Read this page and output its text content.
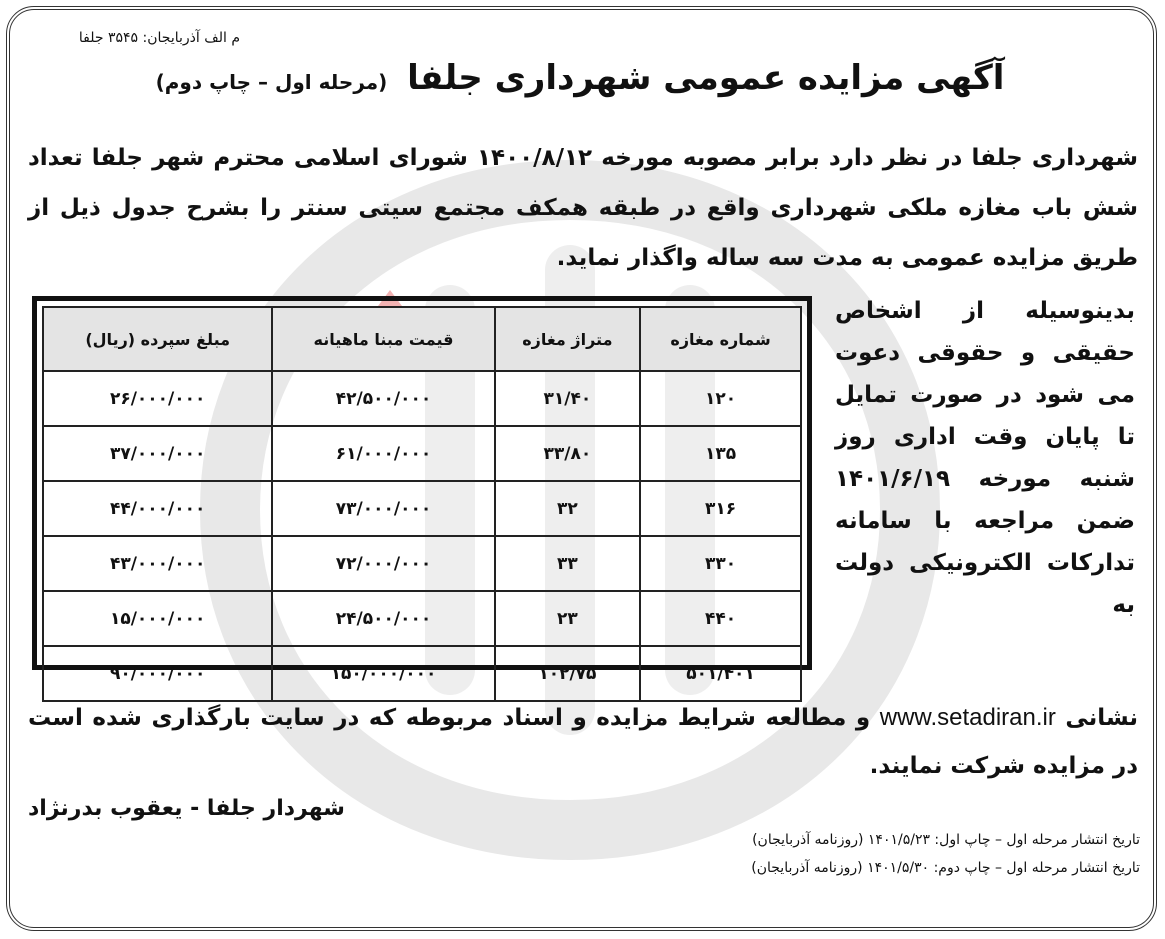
م الف آذربایجان: ۳۵۴۵ جلفا
آگهی مزایده عمومی شهرداری جلفا (مرحله اول – چاپ دوم)
شهرداری جلفا در نظر دارد برابر مصوبه مورخه ۱۴۰۰/۸/۱۲ شورای اسلامی محترم شهر جلفا تعداد شش باب مغازه ملکی شهرداری واقع در طبقه همکف مجتمع سیتی سنتر را بشرح جدول ذیل از طریق مزایده عمومی به مدت سه ساله واگذار نماید.
شماره مغازه	متراژ مغازه	قیمت مبنا ماهیانه	مبلغ سپرده (ریال)
۱۲۰	۳۱/۴۰	۴۲/۵۰۰/۰۰۰	۲۶/۰۰۰/۰۰۰
۱۳۵	۳۳/۸۰	۶۱/۰۰۰/۰۰۰	۳۷/۰۰۰/۰۰۰
۳۱۶	۳۲	۷۳/۰۰۰/۰۰۰	۴۴/۰۰۰/۰۰۰
۳۳۰	۳۳	۷۲/۰۰۰/۰۰۰	۴۳/۰۰۰/۰۰۰
۴۴۰	۲۳	۲۴/۵۰۰/۰۰۰	۱۵/۰۰۰/۰۰۰
۵۰۱/۴۰۱	۱۰۲/۷۵	۱۵۰/۰۰۰/۰۰۰	۹۰/۰۰۰/۰۰۰
بدینوسیله از اشخاص حقیقی و حقوقی دعوت می شود در صورت تمایل تا پایان وقت اداری روز شنبه مورخه ۱۴۰۱/۶/۱۹ ضمن مراجعه با سامانه تدارکات الکترونیکی دولت به
نشانی www.setadiran.ir و مطالعه شرایط مزایده و اسناد مربوطه که در سایت بارگذاری شده است در مزایده شرکت نمایند.
شهردار جلفا - یعقوب بدرنژاد
تاریخ انتشار مرحله اول – چاپ اول: ۱۴۰۱/۵/۲۳ (روزنامه آذربایجان)
تاریخ انتشار مرحله اول – چاپ دوم: ۱۴۰۱/۵/۳۰ (روزنامه آذربایجان)
